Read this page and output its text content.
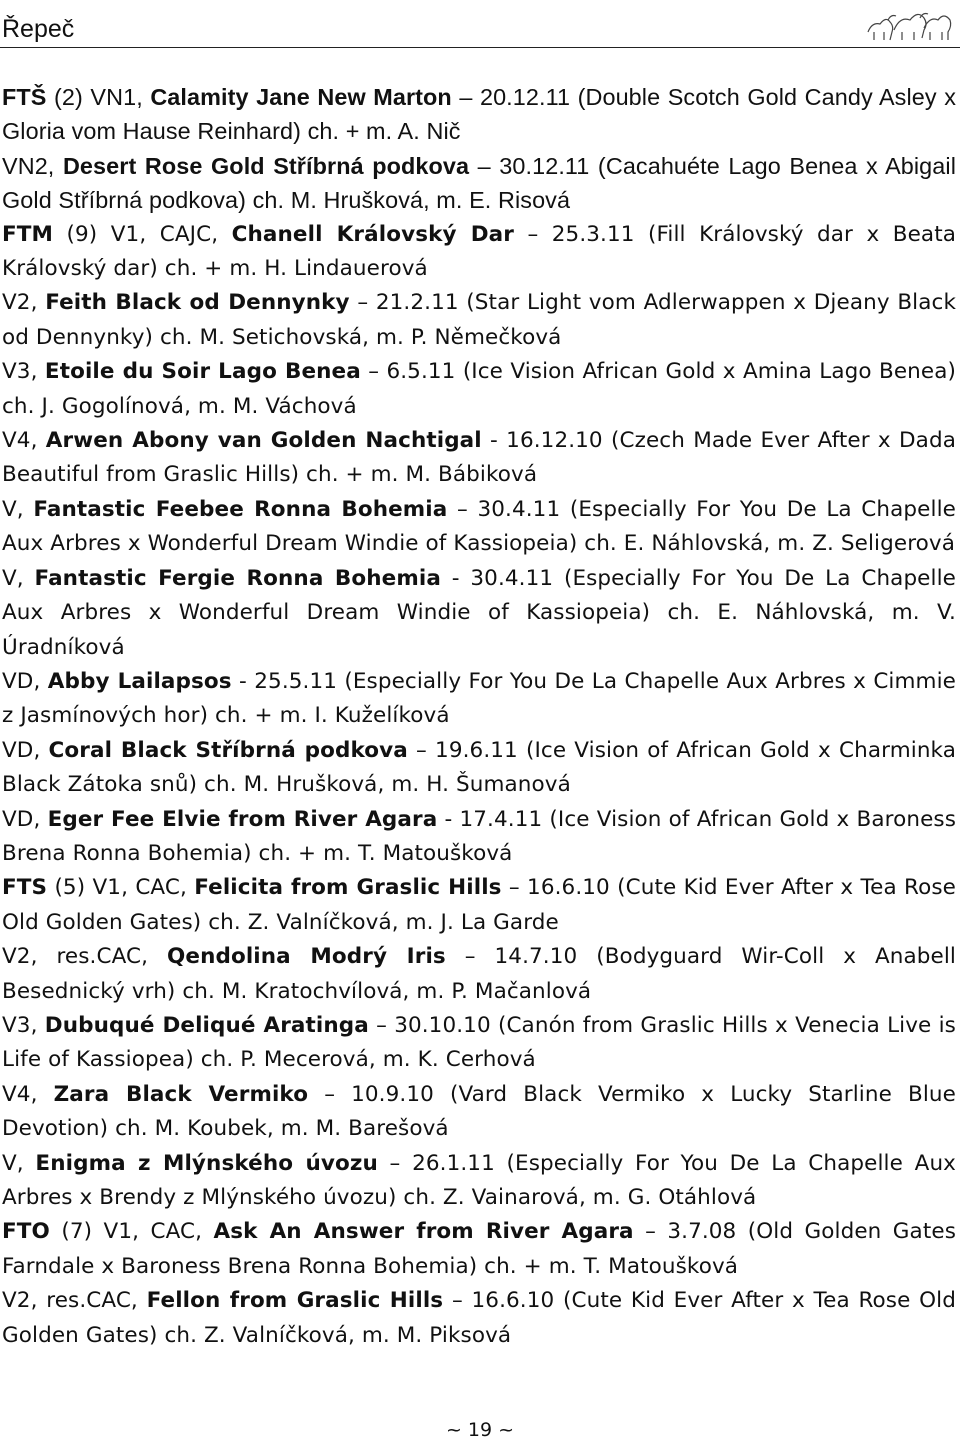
Řepeč

FTŠ (2) VN1, Calamity Jane New Marton – 20.12.11 (Double Scotch Gold Candy Asley x Gloria vom Hause Reinhard) ch. + m. A. Nič

VN2, Desert Rose Gold Stříbrná podkova – 30.12.11 (Cacahuéte Lago Benea x Abigail Gold Stříbrná podkova) ch. M. Hrušková, m. E. Risová

FTM (9) V1, CAJC, Chanell Královský Dar – 25.3.11 (Fill Královský dar x Beata Královský dar) ch. + m. H. Lindauerová

V2, Feith Black od Dennynky – 21.2.11 (Star Light vom Adlerwappen x Djeany Black od Dennynky) ch. M. Setichovská, m. P. Němečková

V3, Etoile du Soir Lago Benea – 6.5.11 (Ice Vision African Gold x Amina Lago Benea) ch. J. Gogolínová, m. M. Váchová

V4, Arwen Abony van Golden Nachtigal - 16.12.10 (Czech Made Ever After x Dada Beautiful from Graslic Hills) ch. + m. M. Bábiková

V, Fantastic Feebee Ronna Bohemia – 30.4.11 (Especially For You De La Chapelle Aux Arbres x Wonderful Dream Windie of Kassiopeia) ch. E. Náhlovská, m. Z. Seligerová

V, Fantastic Fergie Ronna Bohemia - 30.4.11 (Especially For You De La Chapelle Aux Arbres x Wonderful Dream Windie of Kassiopeia) ch. E. Náhlovská, m. V. Úradníková

VD, Abby Lailapsos - 25.5.11 (Especially For You De La Chapelle Aux Arbres x Cimmie z Jasmínových hor) ch. + m. I. Kuželíková

VD, Coral Black Stříbrná podkova – 19.6.11 (Ice Vision of African Gold x Charminka Black Zátoka snů) ch. M. Hrušková, m. H. Šumanová

VD, Eger Fee Elvie from River Agara - 17.4.11 (Ice Vision of African Gold x Baroness Brena Ronna Bohemia) ch. + m. T. Matoušková

FTS (5) V1, CAC, Felicita from Graslic Hills – 16.6.10 (Cute Kid Ever After x Tea Rose Old Golden Gates) ch. Z. Valníčková, m. J. La Garde

V2, res.CAC, Qendolina Modrý Iris – 14.7.10 (Bodyguard Wir-Coll x Anabell Besednický vrh) ch. M. Kratochvílová, m. P. Mačanlová

V3, Dubuqué Deliqué Aratinga – 30.10.10 (Canón from Graslic Hills x Venecia Live is Life of Kassiopea) ch. P. Mecerová, m. K. Cerhová

V4, Zara Black Vermiko – 10.9.10 (Vard Black Vermiko x Lucky Starline Blue Devotion) ch. M. Koubek, m. M. Barešová

V, Enigma z Mlýnského úvozu – 26.1.11 (Especially For You De La Chapelle Aux Arbres x Brendy z Mlýnského úvozu) ch. Z. Vainarová, m. G. Otáhlová

FTO (7) V1, CAC, Ask An Answer from River Agara – 3.7.08 (Old Golden Gates Farndale x Baroness Brena Ronna Bohemia) ch. + m. T. Matoušková

V2, res.CAC, Fellon from Graslic Hills – 16.6.10 (Cute Kid Ever After x Tea Rose Old Golden Gates) ch. Z. Valníčková, m. M. Piksová

~ 19 ~
